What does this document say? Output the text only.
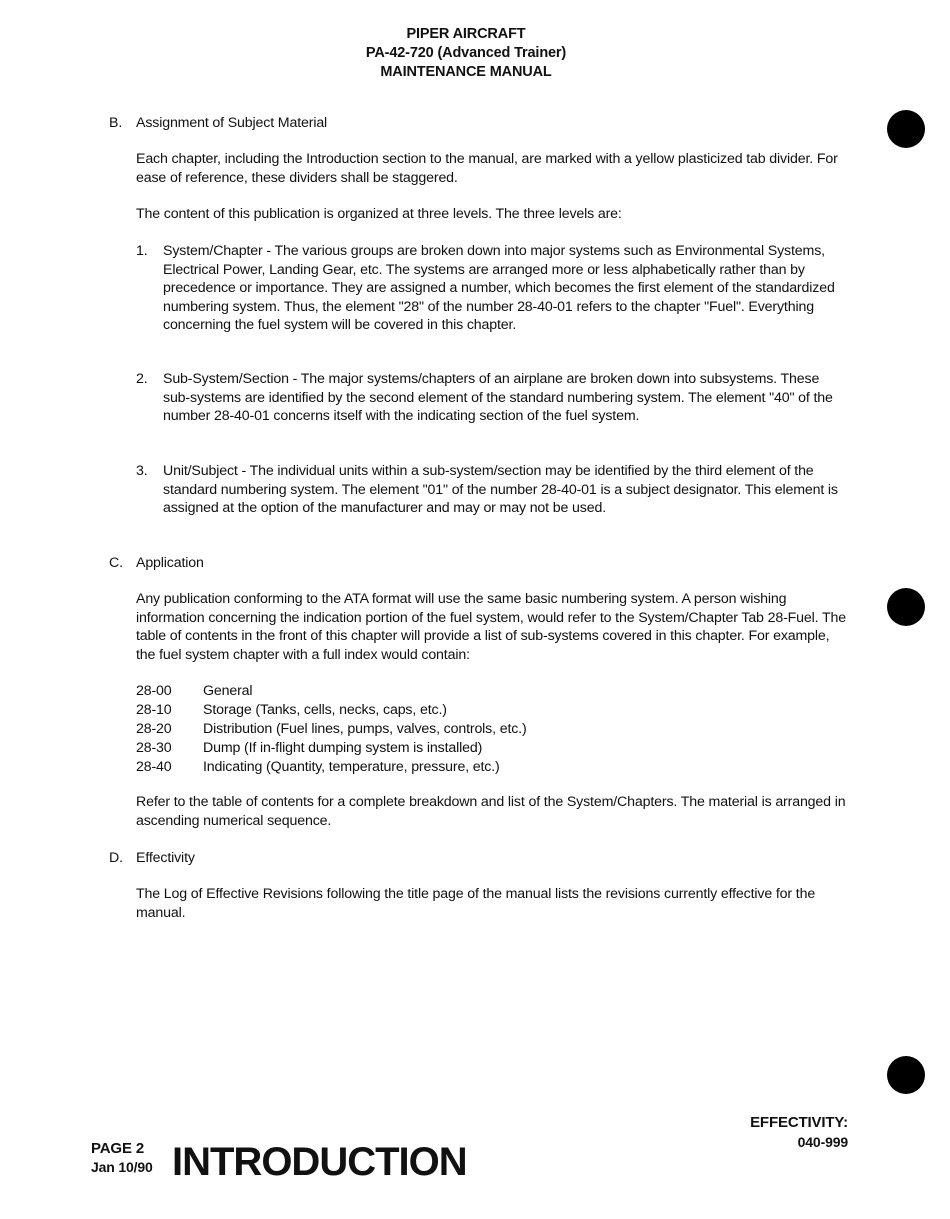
PIPER AIRCRAFT
PA-42-720 (Advanced Trainer)
MAINTENANCE MANUAL
B. Assignment of Subject Material
Each chapter, including the Introduction section to the manual, are marked with a yellow plasticized tab divider. For ease of reference, these dividers shall be staggered.
The content of this publication is organized at three levels. The three levels are:
1.	System/Chapter - The various groups are broken down into major systems such as Environmental Systems, Electrical Power, Landing Gear, etc. The systems are arranged more or less alphabetically rather than by precedence or importance. They are assigned a number, which becomes the first element of the standardized numbering system. Thus, the element "28" of the number 28-40-01 refers to the chapter "Fuel". Everything concerning the fuel system will be covered in this chapter.
2.	Sub-System/Section - The major systems/chapters of an airplane are broken down into subsystems. These sub-systems are identified by the second element of the standard numbering system. The element "40" of the number 28-40-01 concerns itself with the indicating section of the fuel system.
3.	Unit/Subject - The individual units within a sub-system/section may be identified by the third element of the standard numbering system. The element "01" of the number 28-40-01 is a subject designator. This element is assigned at the option of the manufacturer and may or may not be used.
C. Application
Any publication conforming to the ATA format will use the same basic numbering system. A person wishing information concerning the indication portion of the fuel system, would refer to the System/Chapter Tab 28-Fuel. The table of contents in the front of this chapter will provide a list of sub-systems covered in this chapter. For example, the fuel system chapter with a full index would contain:
28-00	General
28-10	Storage (Tanks, cells, necks, caps, etc.)
28-20	Distribution (Fuel lines, pumps, valves, controls, etc.)
28-30	Dump (If in-flight dumping system is installed)
28-40	Indicating (Quantity, temperature, pressure, etc.)
Refer to the table of contents for a complete breakdown and list of the System/Chapters. The material is arranged in ascending numerical sequence.
D. Effectivity
The Log of Effective Revisions following the title page of the manual lists the revisions currently effective for the manual.
PAGE 2
Jan 10/90 INTRODUCTION
EFFECTIVITY:
040-999
